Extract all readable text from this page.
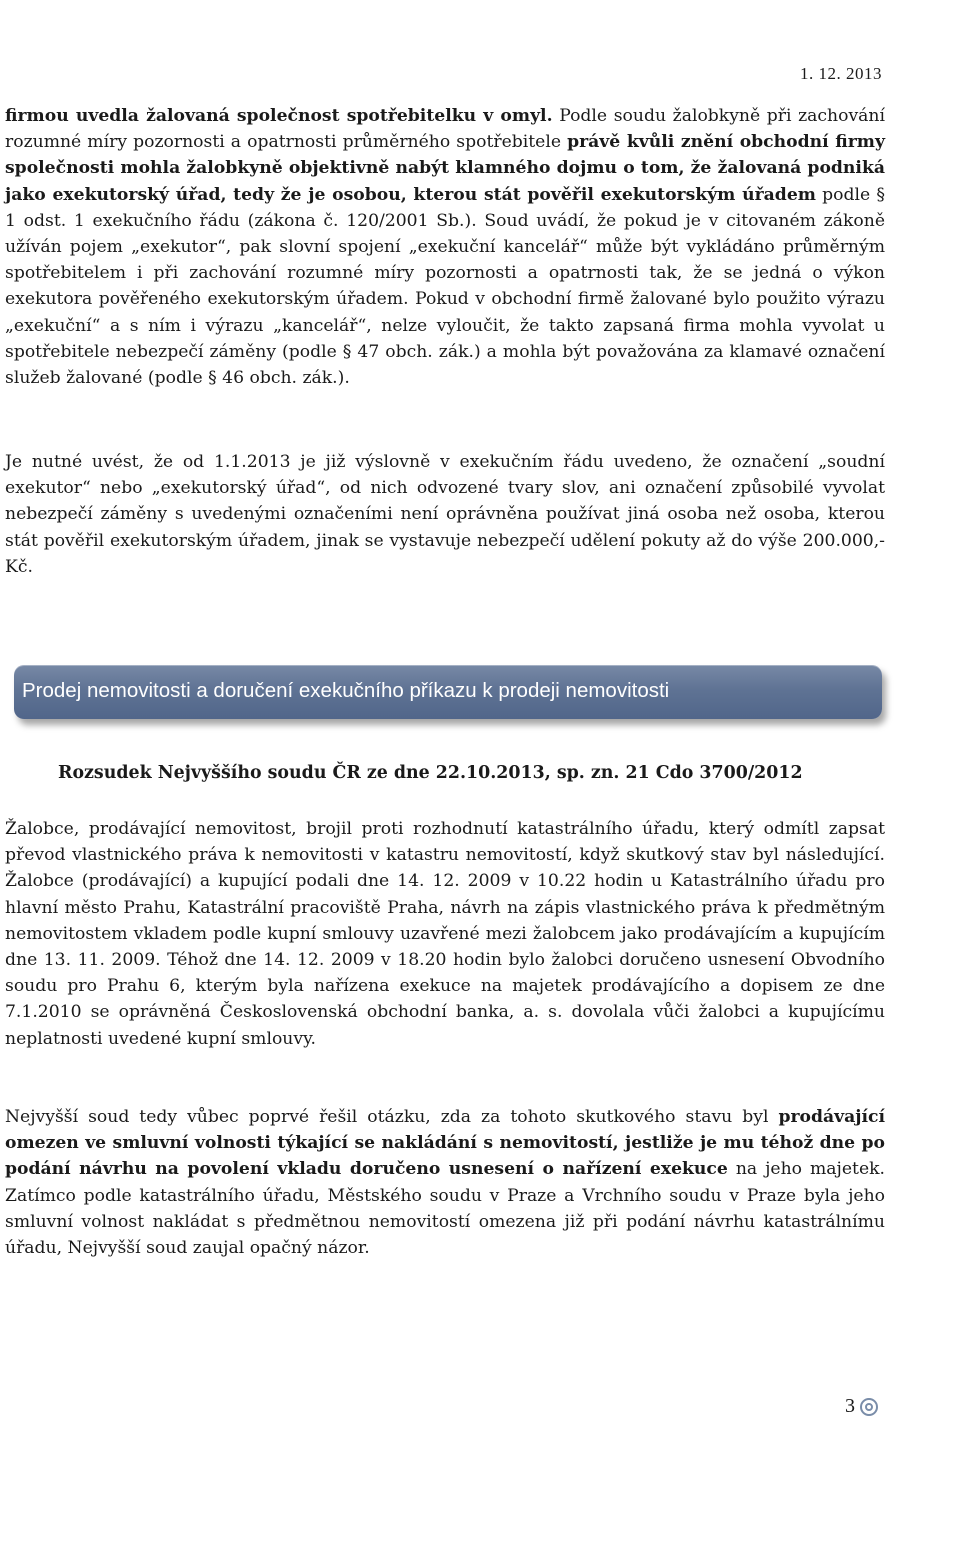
1. 12. 2013

firmou uvedla žalovaná společnost spotřebitelku v omyl. Podle soudu žalobkyně při zachování rozumné míry pozornosti a opatrnosti průměrného spotřebitele právě kvůli znění obchodní firmy společnosti mohla žalobkyně objektivně nabýt klamného dojmu o tom, že žalovaná podniká jako exekutorský úřad, tedy že je osobou, kterou stát pověřil exekutorským úřadem podle § 1 odst. 1 exekučního řádu (zákona č. 120/2001 Sb.). Soud uvádí, že pokud je v citovaném zákoně užíván pojem „exekutor“, pak slovní spojení „exekuční kancelář“ může být vykládáno průměrným spotřebitelem i při zachování rozumné míry pozornosti a opatrnosti tak, že se jedná o výkon exekutora pověřeného exekutorským úřadem. Pokud v obchodní firmě žalované bylo použito výrazu „exekuční“ a s ním i výrazu „kancelář“, nelze vyloučit, že takto zapsaná firma mohla vyvolat u spotřebitele nebezpečí záměny (podle § 47 obch. zák.) a mohla být považována za klamavé označení služeb žalované (podle § 46 obch. zák.).

Je nutné uvést, že od 1.1.2013 je již výslovně v exekučním řádu uvedeno, že označení „soudní exekutor“ nebo „exekutorský úřad“, od nich odvozené tvary slov, ani označení způsobilé vyvolat nebezpečí záměny s uvedenými označeními není oprávněna používat jiná osoba než osoba, kterou stát pověřil exekutorským úřadem, jinak se vystavuje nebezpečí udělení pokuty až do výše 200.000,- Kč.

Prodej nemovitosti a doručení exekučního příkazu k prodeji nemovitosti
Rozsudek Nejvyššího soudu ČR ze dne 22.10.2013, sp. zn. 21 Cdo 3700/2012

Žalobce, prodávající nemovitost, brojil proti rozhodnutí katastrálního úřadu, který odmítl zapsat převod vlastnického práva k nemovitosti v katastru nemovitostí, když skutkový stav byl následující. Žalobce (prodávající) a kupující podali dne 14. 12. 2009 v 10.22 hodin u Katastrálního úřadu pro hlavní město Prahu, Katastrální pracoviště Praha, návrh na zápis vlastnického práva k předmětným nemovitostem vkladem podle kupní smlouvy uzavřené mezi žalobcem jako prodávajícím a kupujícím dne 13. 11. 2009. Téhož dne 14. 12. 2009 v 18.20 hodin bylo žalobci doručeno usnesení Obvodního soudu pro Prahu 6, kterým byla nařízena exekuce na majetek prodávajícího a dopisem ze dne 7.1.2010 se oprávněná Československá obchodní banka, a. s. dovolala vůči žalobci a kupujícímu neplatnosti uvedené kupní smlouvy.

Nejvyšší soud tedy vůbec poprvé řešil otázku, zda za tohoto skutkového stavu byl prodávající omezen ve smluvní volnosti týkající se nakládání s nemovitostí, jestliže je mu téhož dne po podání návrhu na povolení vkladu doručeno usnesení o nařízení exekuce na jeho majetek. Zatímco podle katastrálního úřadu, Městského soudu v Praze a Vrchního soudu v Praze byla jeho smluvní volnost nakládat s předmětnou nemovitostí omezena již při podání návrhu katastrálnímu úřadu, Nejvyšší soud zaujal opačný názor.

3
